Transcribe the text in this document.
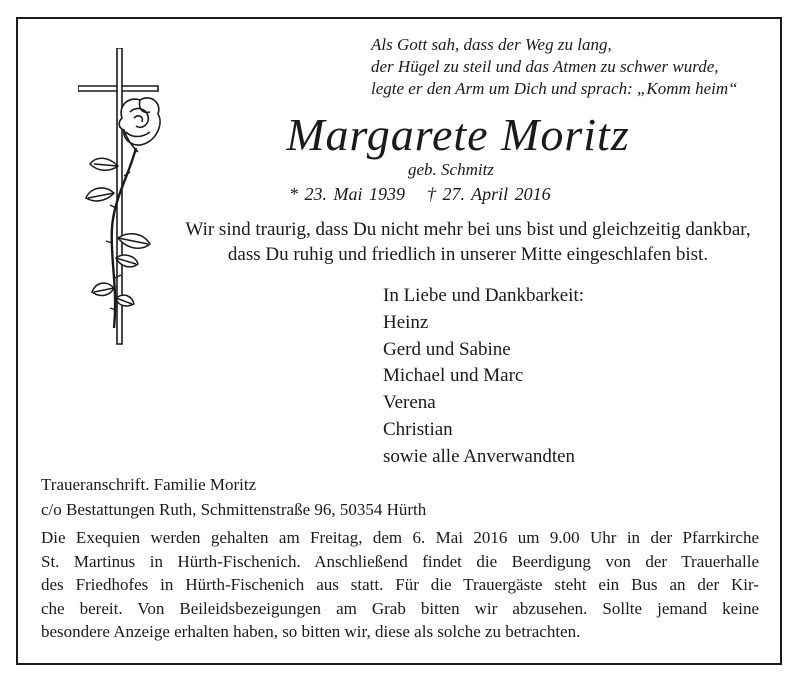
Als Gott sah, dass der Weg zu lang,
der Hügel zu steil und das Atmen zu schwer wurde,
legte er den Arm um Dich und sprach: „Komm heim“
Margarete Moritz
geb. Schmitz
* 23. Mai 1939 † 27. April 2016
Wir sind traurig, dass Du nicht mehr bei uns bist und gleichzeitig dankbar,
dass Du ruhig und friedlich in unserer Mitte eingeschlafen bist.
In Liebe und Dankbarkeit:
Heinz
Gerd und Sabine
Michael und Marc
Verena
Christian
sowie alle Anverwandten
Traueranschrift. Familie Moritz
c/o Bestattungen Ruth, Schmittenstraße 96, 50354 Hürth
Die Exequien werden gehalten am Freitag, dem 6. Mai 2016 um 9.00 Uhr in der Pfarrkirche
St. Martinus in Hürth-Fischenich. Anschließend findet die Beerdigung von der Trauerhalle
des Friedhofes in Hürth-Fischenich aus statt. Für die Trauergäste steht ein Bus an der Kir-
che bereit. Von Beileidsbezeigungen am Grab bitten wir abzusehen. Sollte jemand keine
besondere Anzeige erhalten haben, so bitten wir, diese als solche zu betrachten.
